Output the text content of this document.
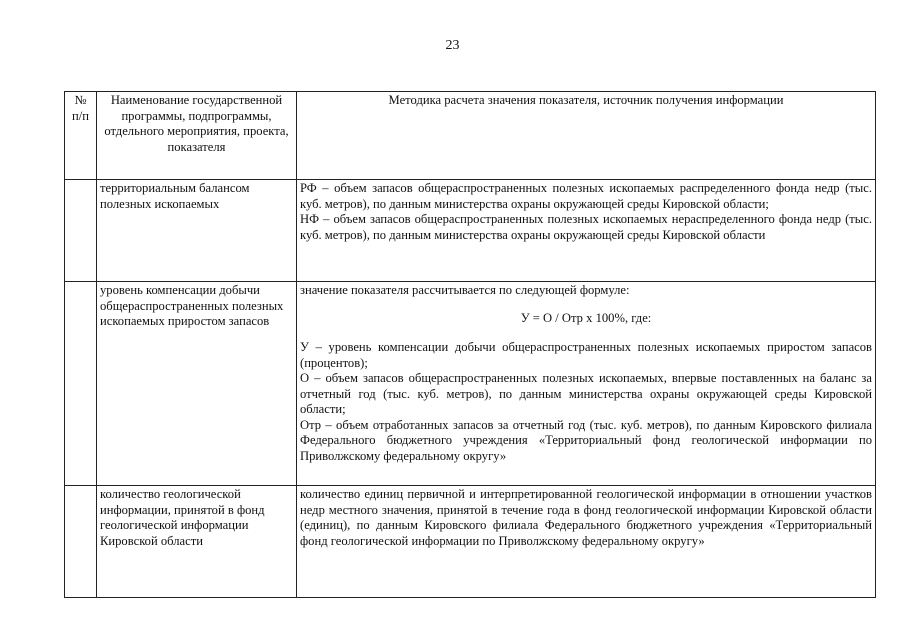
23
№ п/п	Наименование государственной программы, подпрограммы, отдельного мероприятия, проекта, показателя	Методика расчета значения показателя, источник получения информации
	территориальным балансом полезных ископаемых	РФ – объем запасов общераспространенных полезных ископаемых распределенного фонда недр (тыс. куб. метров), по данным министерства охраны окружающей среды Кировской области;

НФ – объем запасов общераспространенных полезных ископаемых нераспределенного фонда недр (тыс. куб. метров), по данным министерства охраны окружающей среды Кировской области

	уровень компенсации добычи общераспространенных полезных ископаемых приростом запасов	значение показателя рассчитывается по следующей формуле:

У = О / Отр х 100%, где:

У – уровень компенсации добычи общераспространенных полезных ископаемых приростом запасов (процентов);

О – объем запасов общераспространенных полезных ископаемых, впервые поставленных на баланс за отчетный год (тыс. куб. метров), по данным министерства охраны окружающей среды Кировской области;

Отр – объем отработанных запасов за отчетный год (тыс. куб. метров), по данным Кировского филиала Федерального бюджетного учреждения «Территориальный фонд геологической информации по Приволжскому федеральному округу»

	количество геологической информации, принятой в фонд геологической информации Кировской области	количество единиц первичной и интерпретированной геологической информации в отношении участков недр местного значения, принятой в течение года в фонд геологической информации Кировской области (единиц), по данным Кировского филиала Федерального бюджетного учреждения «Территориальный фонд геологической информации по Приволжскому федеральному округу»
